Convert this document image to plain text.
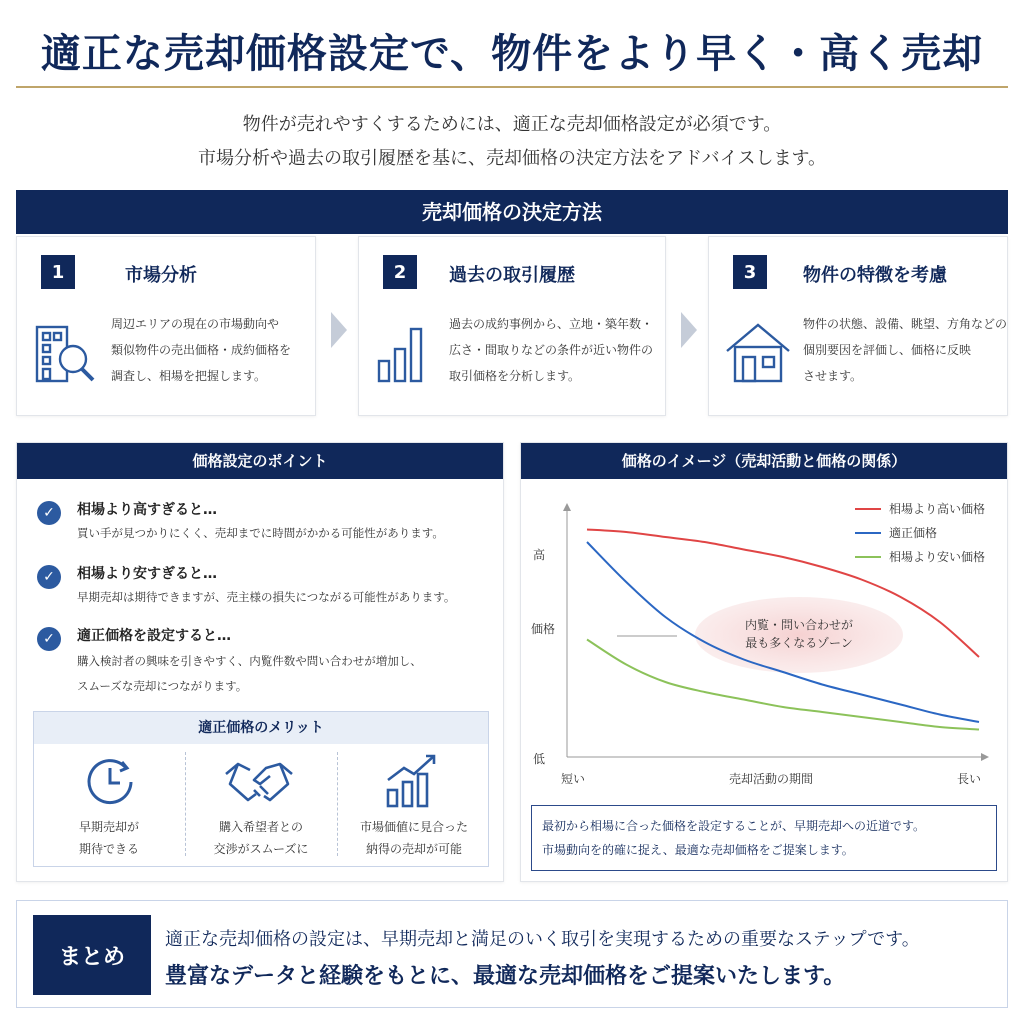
適正な売却価格設定で、物件をより早く・高く売却
物件が売れやすくするためには、適正な売却価格設定が必須です。
市場分析や過去の取引履歴を基に、売却価格の決定方法をアドバイスします。
売却価格の決定方法
1	市場分析
周辺エリアの現在の市場動向や
類似物件の売出価格・成約価格を
調査し、相場を把握します。
2	過去の取引履歴
過去の成約事例から、立地・築年数・
広さ・間取りなどの条件が近い物件の
取引価格を分析します。
3	物件の特徴を考慮
物件の状態、設備、眺望、方角などの
個別要因を評価し、価格に反映
させます。
価格設定のポイント
✓	相場より高すぎると…
買い手が見つかりにくく、売却までに時間がかかる可能性があります。
✓	相場より安すぎると…
早期売却は期待できますが、売主様の損失につながる可能性があります。
✓	適正価格を設定すると…
購入検討者の興味を引きやすく、内覧件数や問い合わせが増加し、
スムーズな売却につながります。
適正価格のメリット
早期売却が
期待できる
購入希望者との
交渉がスムーズに
市場価値に見合った
納得の売却が可能
価格のイメージ（売却活動と価格の関係）
高
価格
低
短い	売却活動の期間	長い
内覧・問い合わせが
最も多くなるゾーン
相場より高い価格
適正価格
相場より安い価格
最初から相場に合った価格を設定することが、早期売却への近道です。
市場動向を的確に捉え、最適な売却価格をご提案します。
まとめ
適正な売却価格の設定は、早期売却と満足のいく取引を実現するための重要なステップです。
豊富なデータと経験をもとに、最適な売却価格をご提案いたします。
